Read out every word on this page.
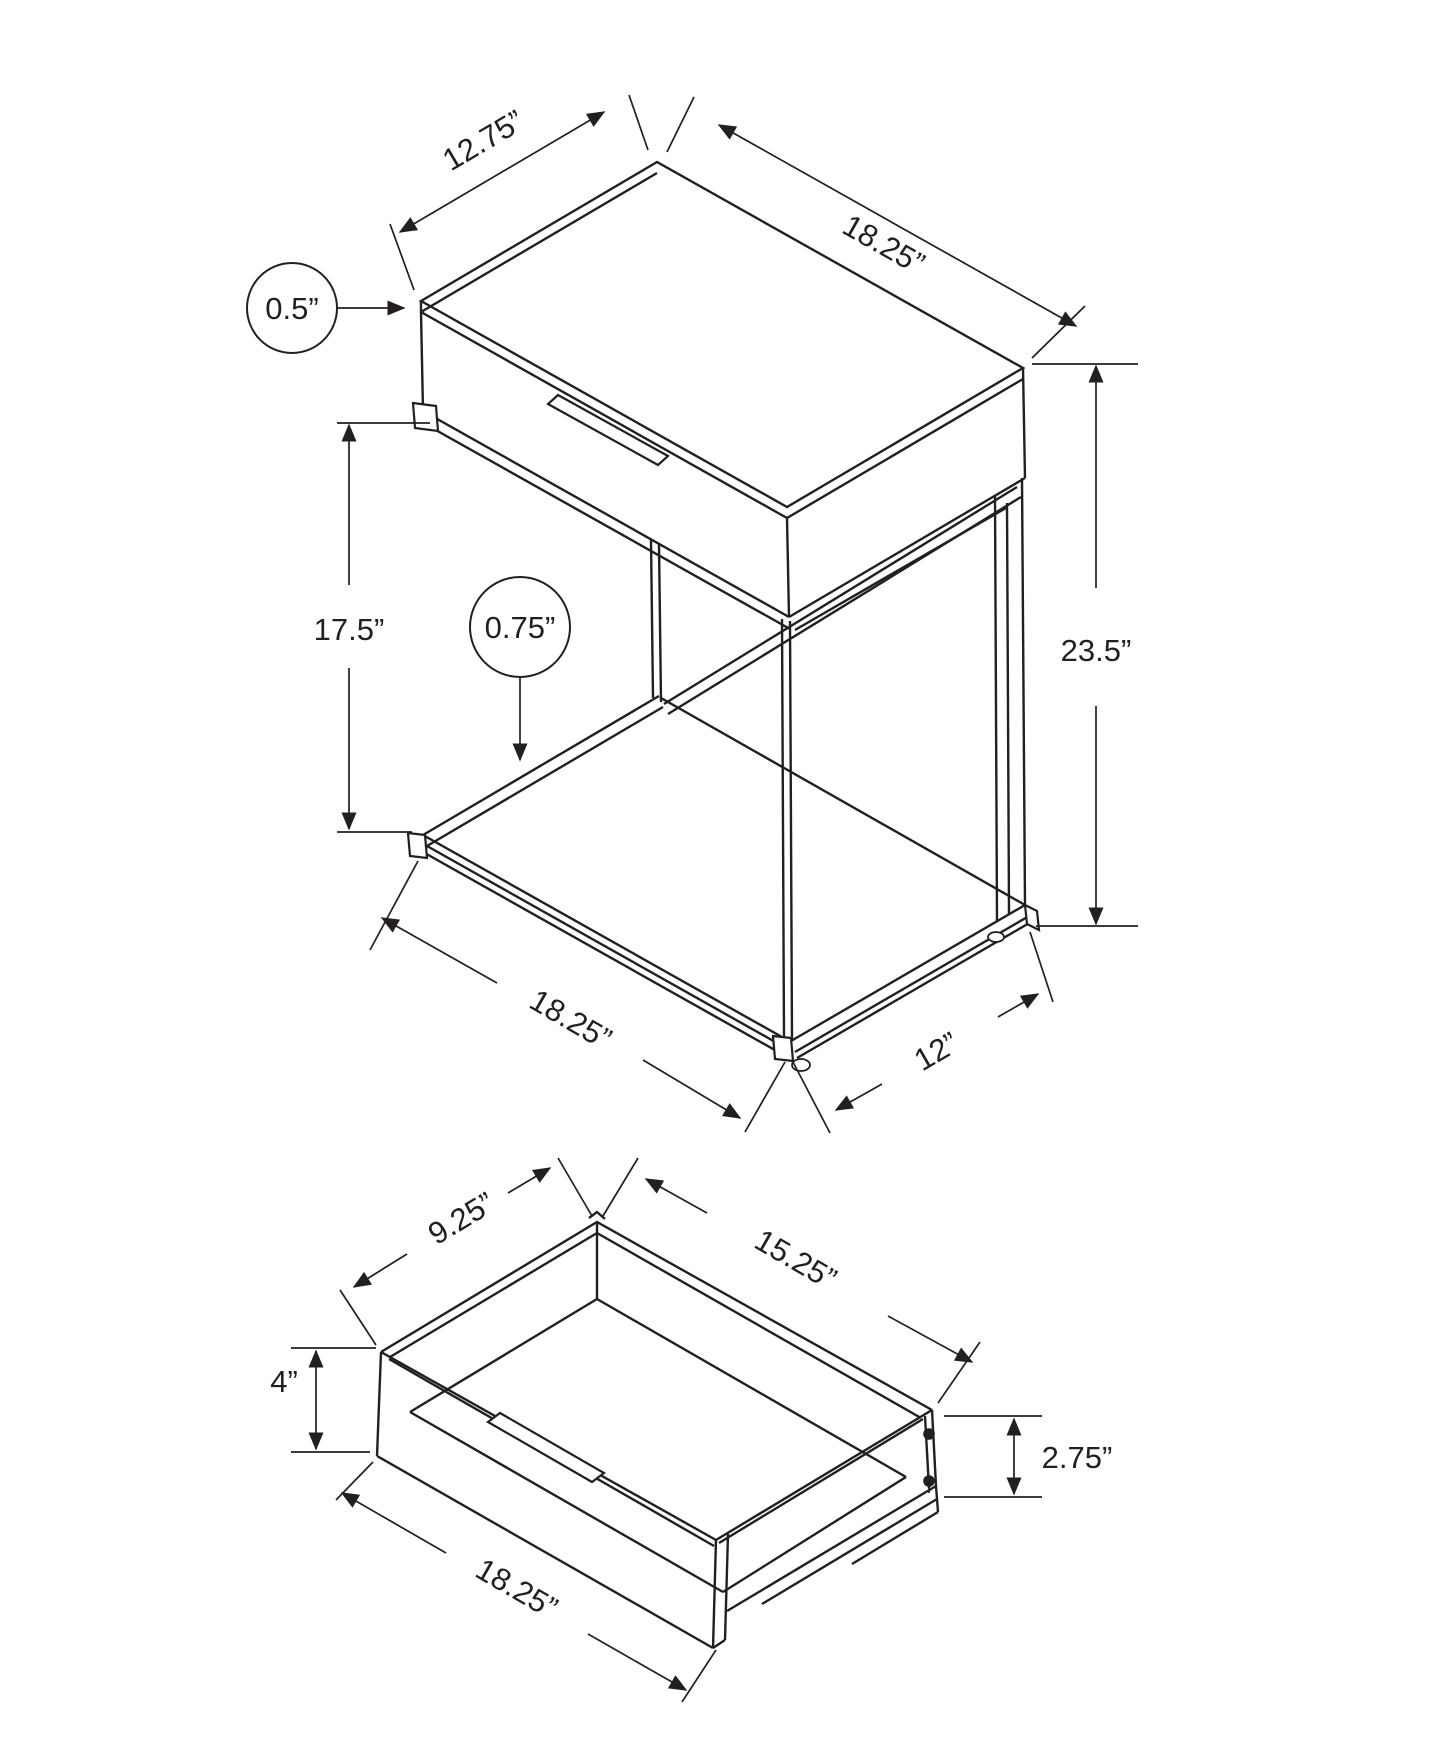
12.75”
18.25”
0.5”
17.5”	0.75”
23.5”
18.25”	12”
9.25”
15.25”
4”
2.75”
18.25”
